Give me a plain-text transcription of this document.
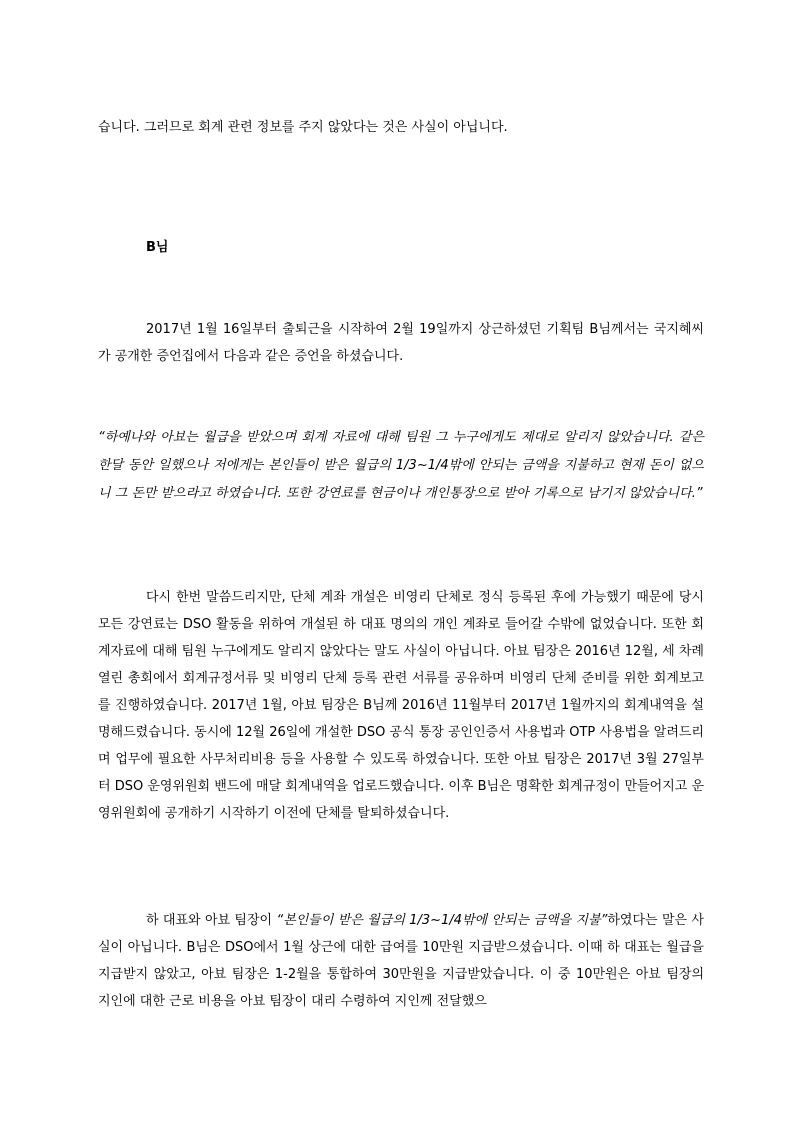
습니다. 그러므로 회계 관련 정보를 주지 않았다는 것은 사실이 아닙니다.

B님

2017년 1월 16일부터 출퇴근을 시작하여 2월 19일까지 상근하셨던 기획팀 B님께서는 국지혜씨가 공개한 증언집에서 다음과 같은 증언을 하셨습니다.

“하예나와 아뵤는 월급을 받았으며 회계 자료에 대해 팀원 그 누구에게도 제대로 알리지 않았습니다. 같은 한달 동안 일했으나 저에게는 본인들이 받은 월급의 1/3~1/4밖에 안되는 금액을 지불하고 현재 돈이 없으니 그 돈만 받으라고 하였습니다. 또한 강연료를 현금이나 개인통장으로 받아 기록으로 남기지 않았습니다.”

다시 한번 말씀드리지만, 단체 계좌 개설은 비영리 단체로 정식 등록된 후에 가능했기 때문에 당시 모든 강연료는 DSO 활동을 위하여 개설된 하 대표 명의의 개인 계좌로 들어갈 수밖에 없었습니다. 또한 회계자료에 대해 팀원 누구에게도 알리지 않았다는 말도 사실이 아닙니다. 아뵤 팀장은 2016년 12월, 세 차례 열린 총회에서 회계규정서류 및 비영리 단체 등록 관련 서류를 공유하며 비영리 단체 준비를 위한 회계보고를 진행하였습니다. 2017년 1월, 아뵤 팀장은 B님께 2016년 11월부터 2017년 1월까지의 회계내역을 설명해드렸습니다. 동시에 12월 26일에 개설한 DSO 공식 통장 공인인증서 사용법과 OTP 사용법을 알려드리며 업무에 필요한 사무처리비용 등을 사용할 수 있도록 하였습니다. 또한 아뵤 팀장은 2017년 3월 27일부터 DSO 운영위원회 밴드에 매달 회계내역을 업로드했습니다. 이후 B님은 명확한 회계규정이 만들어지고 운영위원회에 공개하기 시작하기 이전에 단체를 탈퇴하셨습니다.

하 대표와 아뵤 팀장이 “본인들이 받은 월급의 1/3~1/4밖에 안되는 금액을 지불”하였다는 말은 사실이 아닙니다. B님은 DSO에서 1월 상근에 대한 급여를 10만원 지급받으셨습니다. 이때 하 대표는 월급을 지급받지 않았고, 아뵤 팀장은 1-2월을 통합하여 30만원을 지급받았습니다. 이 중 10만원은 아뵤 팀장의 지인에 대한 근로 비용을 아뵤 팀장이 대리 수령하여 지인께 전달했으
